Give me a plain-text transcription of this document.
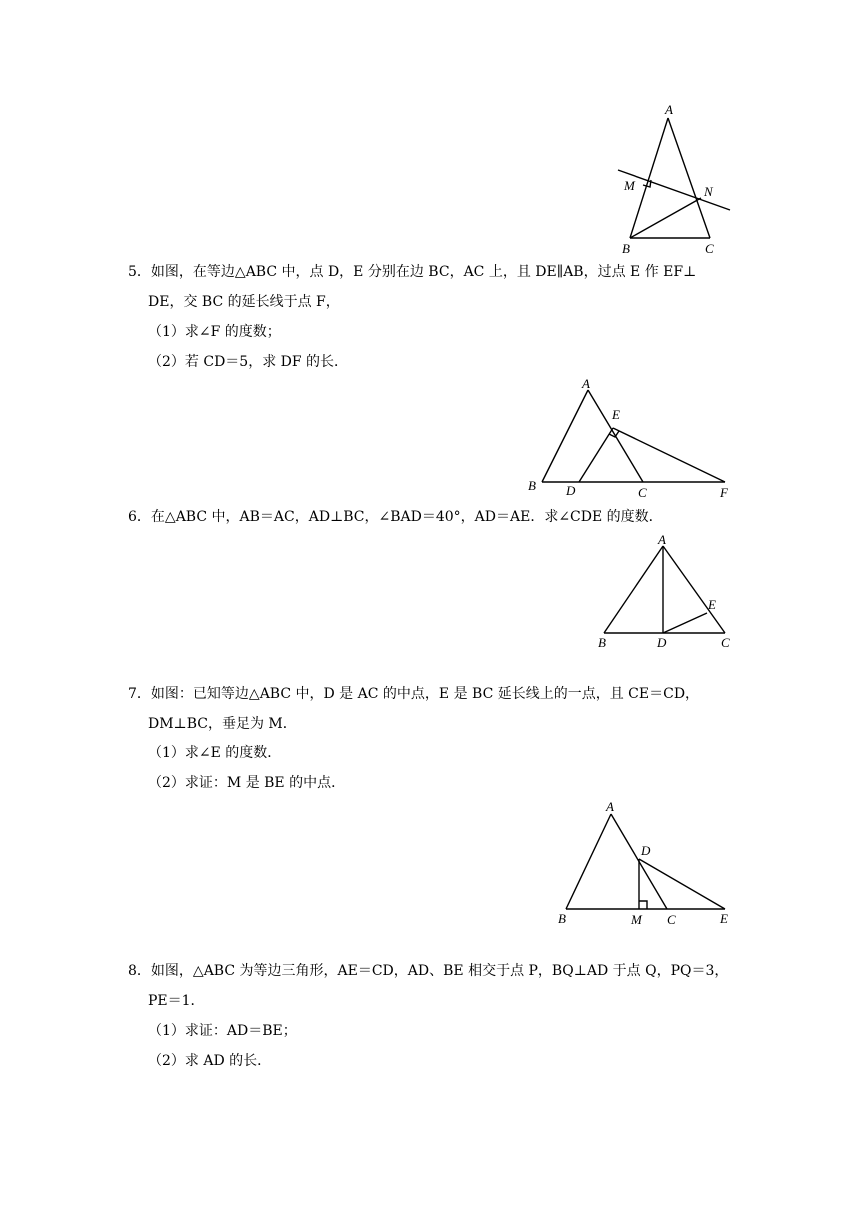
A
M	N
B	C
5．如图，在等边△ABC 中，点 D，E 分别在边 BC，AC 上，且 DE∥AB，过点 E 作 EF⊥
DE，交 BC 的延长线于点 F，
（1）求∠F 的度数；
（2）若 CD＝5，求 DF 的长．
A
E
B D	C	F
6．在△ABC 中，AB＝AC，AD⊥BC，∠BAD＝40°，AD＝AE．求∠CDE 的度数．
A
E
B	D	C
7．如图：已知等边△ABC 中，D 是 AC 的中点，E 是 BC 延长线上的一点，且 CE＝CD，
DM⊥BC，垂足为 M．
（1）求∠E 的度数．
（2）求证：M 是 BE 的中点．
A
D
B	M C	E
8．如图，△ABC 为等边三角形，AE＝CD，AD、BE 相交于点 P，BQ⊥AD 于点 Q，PQ＝3，
PE＝1．
（1）求证：AD＝BE；
（2）求 AD 的长．
